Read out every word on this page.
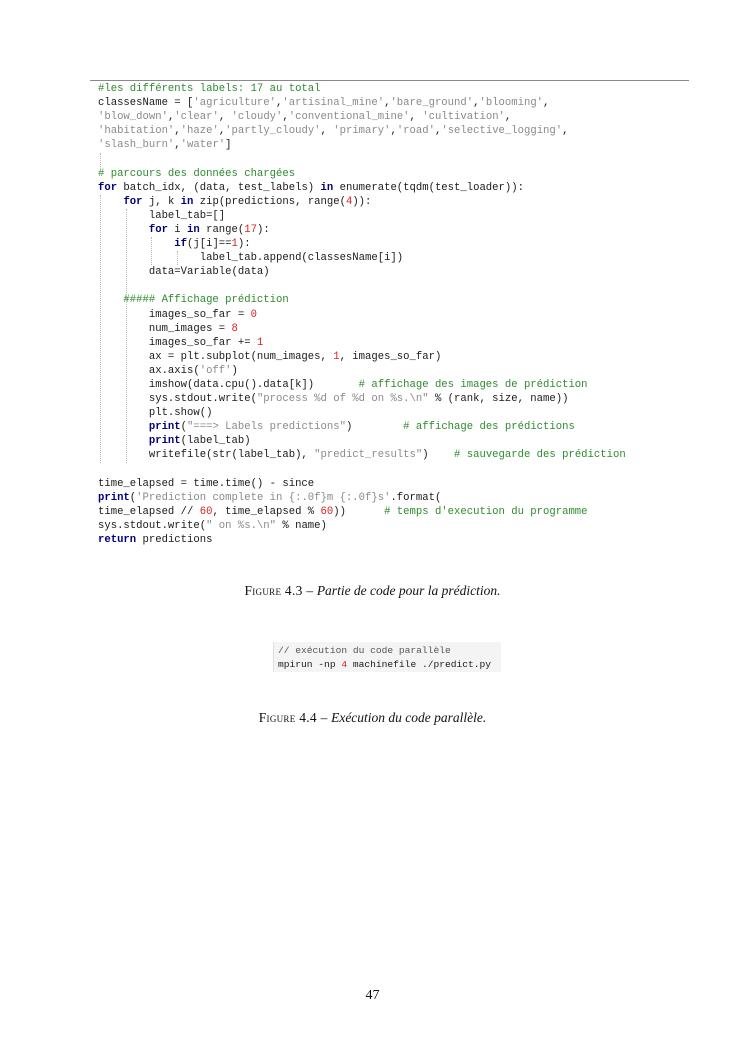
#les différents labels: 17 au total
classesName = ['agriculture','artisinal_mine','bare_ground','blooming',
'blow_down','clear', 'cloudy','conventional_mine', 'cultivation',
'habitation','haze','partly_cloudy', 'primary','road','selective_logging',
'slash_burn','water']
# parcours des données chargées
for batch_idx, (data, test_labels) in enumerate(tqdm(test_loader)):
for j, k in zip(predictions, range(4)):
label_tab=[]
for i in range(17):
if(j[i]==1):
label_tab.append(classesName[i])
data=Variable(data)
##### Affichage prédiction
images_so_far = 0
num_images = 8
images_so_far += 1
ax = plt.subplot(num_images, 1, images_so_far)
ax.axis('off')
imshow(data.cpu().data[k])       # affichage des images de prédiction
sys.stdout.write("process %d of %d on %s.\n" % (rank, size, name))
plt.show()
print("===> Labels predictions")        # affichage des prédictions
print(label_tab)
writefile(str(label_tab), "predict_results")    # sauvegarde des prédiction
time_elapsed = time.time() - since
print('Prediction complete in {:.0f}m {:.0f}s'.format(
time_elapsed // 60, time_elapsed % 60))      # temps d'execution du programme
sys.stdout.write(" on %s.\n" % name)
return predictions
Figure 4.3 – Partie de code pour la prédiction.
// exécution du code parallèle
mpirun -np 4 machinefile ./predict.py
Figure 4.4 – Exécution du code parallèle.
47
